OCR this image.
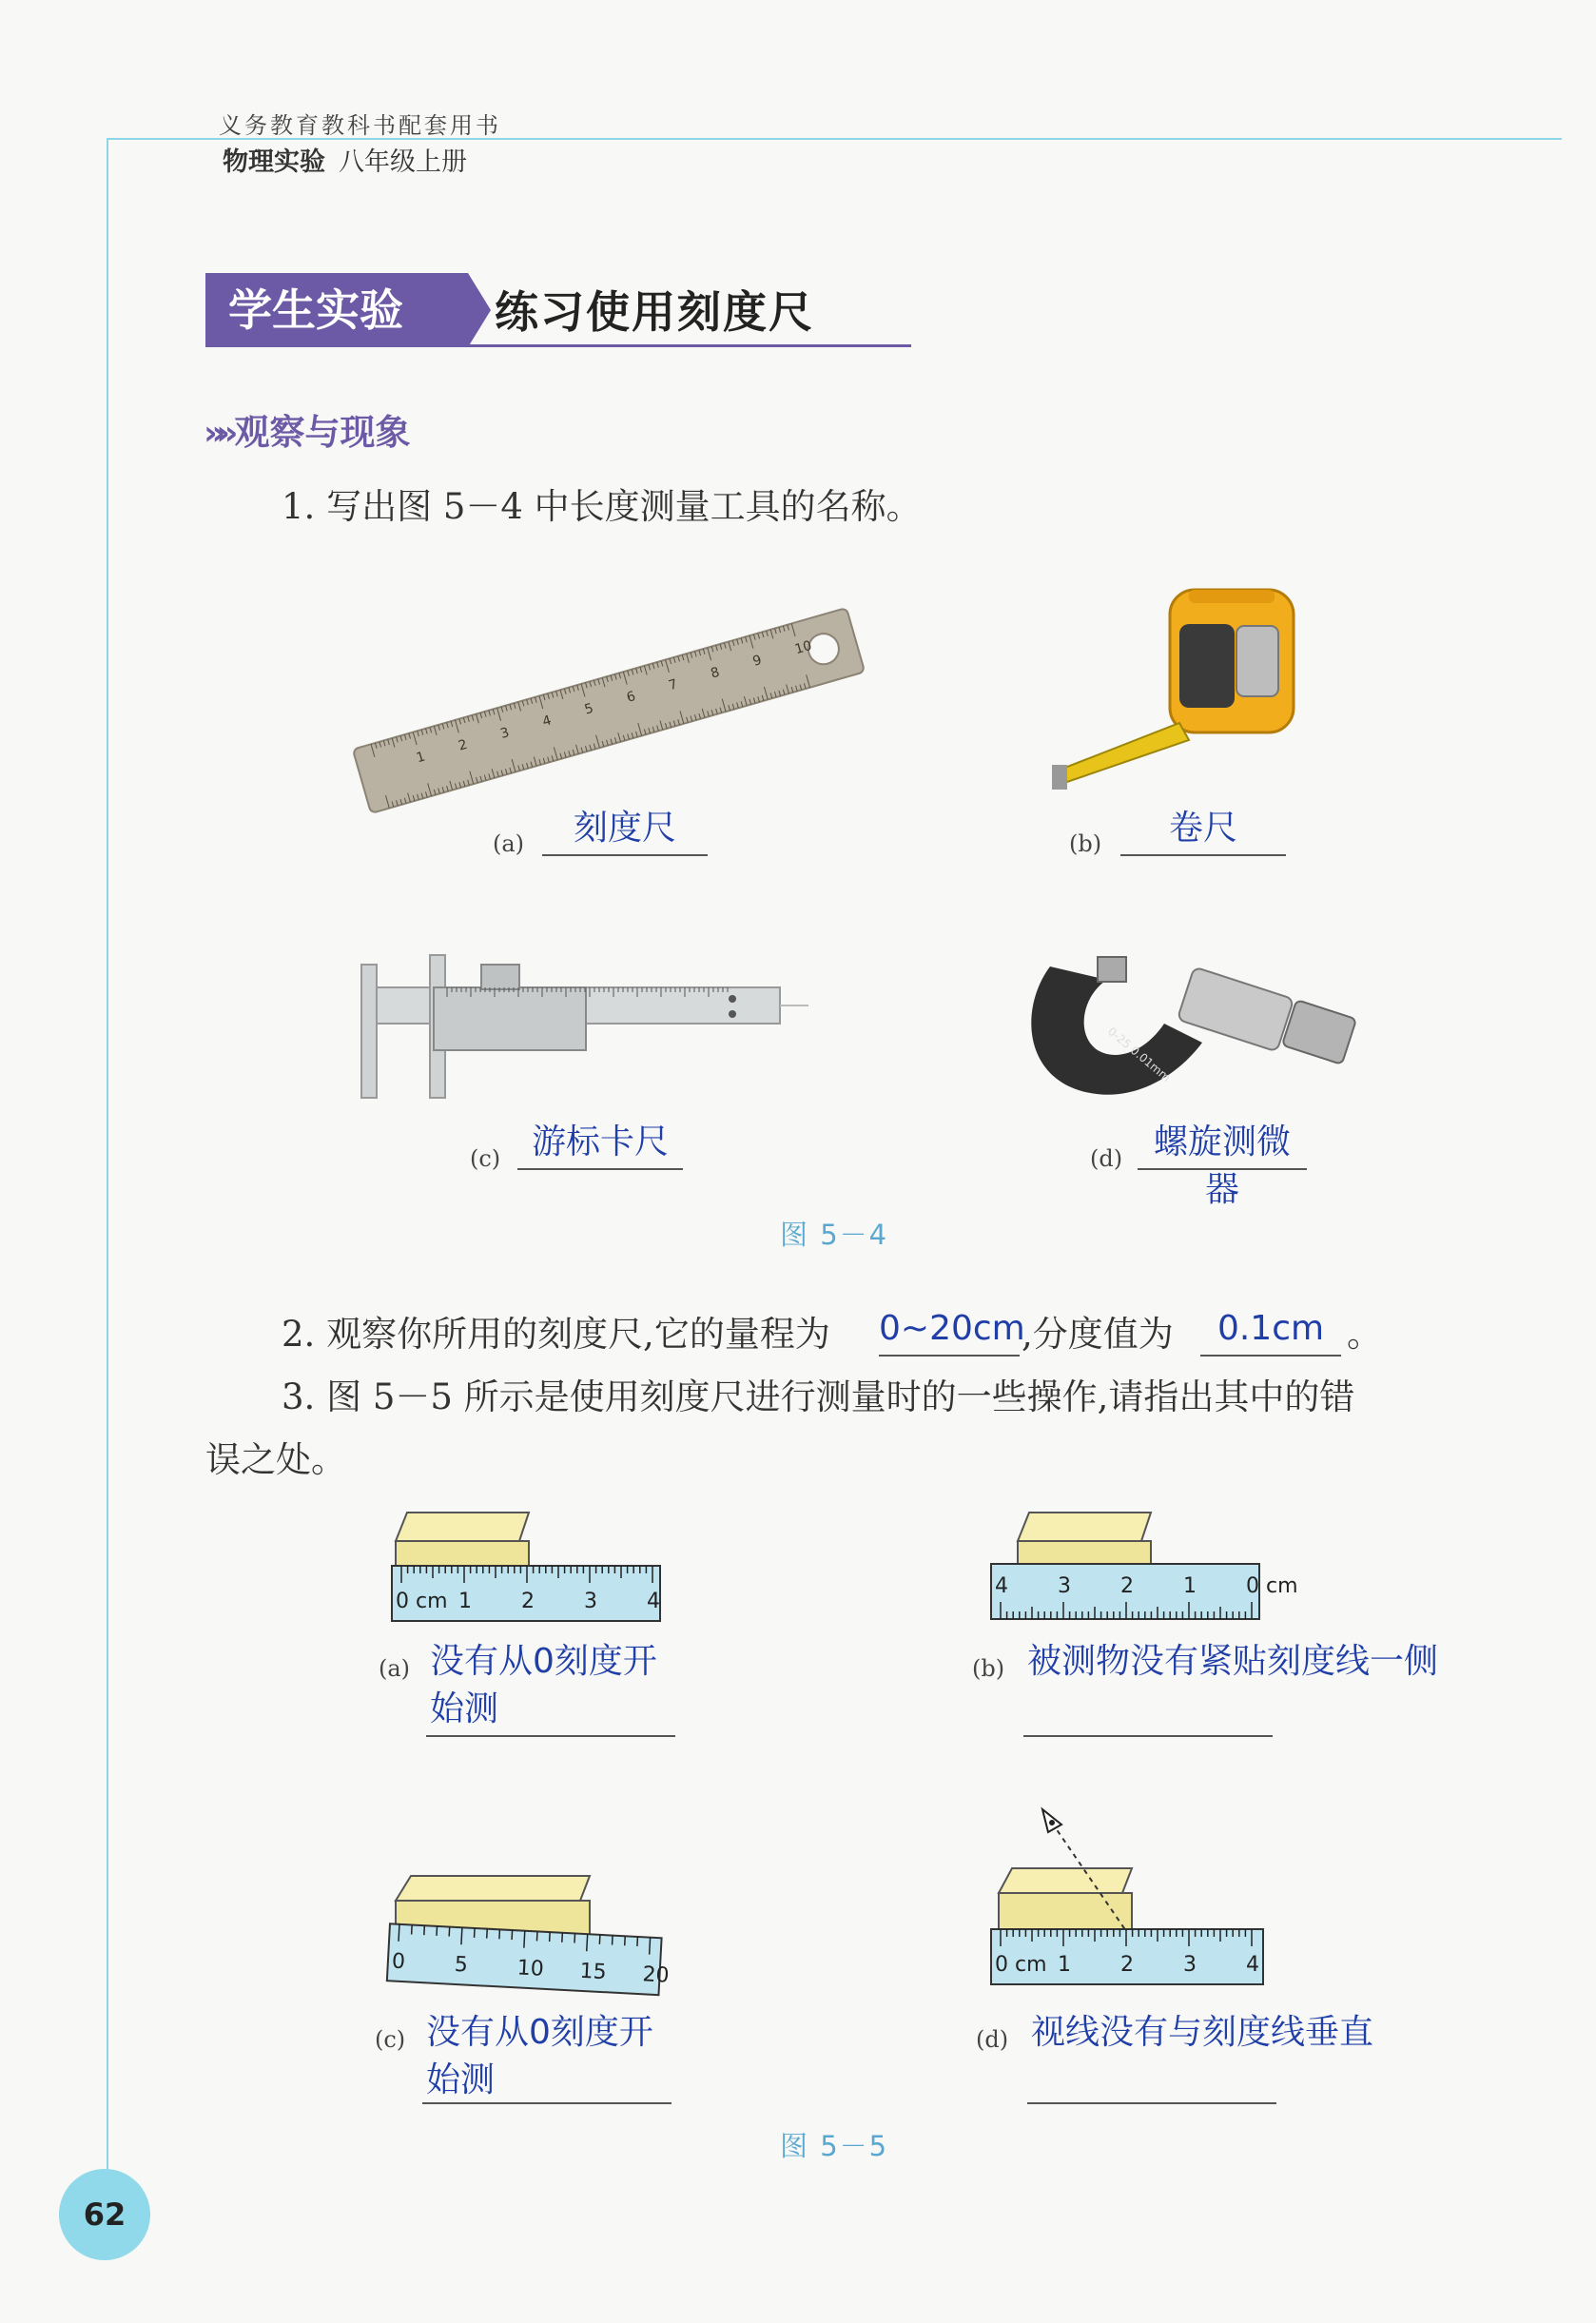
义务教育教科书配套用书
物理实验 八年级上册
学生实验	练习使用刻度尺
»» 观察与现象
1. 写出图 5－4 中长度测量工具的名称。
1
2
3
4
5
6
7
8
9
10
(a)	刻度尺	(b)	卷尺
(c) 游标卡尺
0-25 0.01mm
(d) 螺旋测微器
图 5－4
2. 观察你所用的刻度尺,它的量程为 0~20cm
,分度值为	0.1cm 。
3. 图 5－5 所示是使用刻度尺进行测量时的一些操作,请指出其中的错
误之处。
0 cm 1 2 3 4
(a) 没有从0刻度开始测
4 3 2 1 0 cm
(b) 被测物没有紧贴刻度线一侧
0 5 10 15 20
(c) 没有从0刻度开始测
0 cm 1 2 3 4
(d) 视线没有与刻度线垂直
图 5－5
62
